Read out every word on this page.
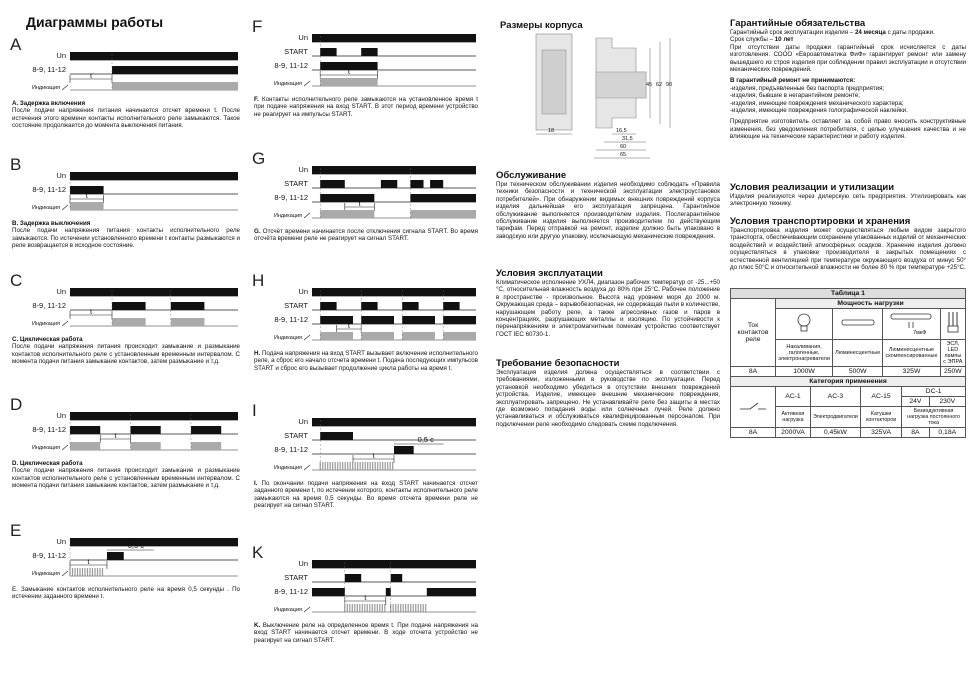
Диаграммы работы
A
Un
8-9, 11-12
t
Индикация

A. Задержка включения
После подачи напряжения питания начинается отсчет времени t. После истечения этого времени контакты исполнительного реле замыкаются. Такое состояние продолжается до момента выключения питания.

B
Un
8-9, 11-12
t
Индикация

B. Задержка выключения
После подачи напряжения питания контакты исполнительного реле замыкаются. По истечении установленного времени t контакты размыкаются и реле возвращается в исходное состояние.

C
Un
8-9, 11-12
t
Индикация

C. Циклическая работа
После подачи напряжения питания происходит замыкание и размыкание контактов исполнительного реле с установленным временным интервалом. С момента подачи питания замыкание контактов, затем размыкание и т.д.

D
Un
8-9, 11-12
t
Индикация

D. Циклическая работа
После подачи напряжения питания происходит замыкание и размыкание контактов исполнительного реле с установленным временным интервалом. С момента подачи питания замыкание контактов, затем размыкание и т.д.

E
Un
8-9, 11-12
t
0,5 с
Индикация

E. Замыкание контактов исполнительного реле на время 0,5 секунды . По истечении заданного времени t.

F
Un
START
8-9, 11-12
t
Индикация

F. Контакты исполнительного реле замыкаются на установленное время t при подаче напряжения на вход START. В этот период времени устройство не реагирует на импульсы START.

G
Un
START
8-9, 11-12
t
Индикация

G. Отсчёт времени начинается после отключения сигнала START. Во время отсчёта времени реле не реагирует на сигнал START.

H
Un
START
8-9, 11-12
t
Индикация

H. Подача напряжения на вход START вызывает включение исполнительного реле, а сброс его начало отсчета времени t. Подача последующих импульсов START и сброс его вызывает продолжение цикла работы на время t.

I
Un
START
8-9, 11-12
t
0,5 с
Индикация

I. По окончании подачи напряжения на вход START начинается отсчет заданного времени t, по истечении которого, контакты исполнительного реле замыкаются на время 0,5 секунды. Во время отсчета времени реле не реагирует на сигнал START.

K
Un
START
8-9, 11-12
t
Индикация

K. Выключение реле на определенное время t. При подаче напряжения на вход START начинается отсчет времени. В ходе отсчета устройство не реагирует на сигнал START.

Размеры корпуса

45 62 90
16,5
31,5
60
65
18

Обслуживание

При техническом обслуживании изделия необходимо соблюдать «Правила техники безопасности и технической эксплуатации электроустановок потребителей». При обнаружении видимых внешних повреждений корпуса изделия дальнейшая его эксплуатация запрещена. Гарантийное обслуживание выполняется производителем изделия. Послегарантийное обслуживание изделия выполняется производителем по действующим тарифам. Перед отправкой на ремонт, изделие должно быть упаковано в заводскую или другую упаковку, исключающую механические повреждения.

Условия эксплуатации

Климатическое исполнение УХЛ4, диапазон рабочих температур от -25...+50 °C, относительная влажность воздуха до 80% при 25°C. Рабочее положение в пространстве - произвольное. Высота над уровнем моря до 2000 м. Окружающая среда – взрывобезопасная, не содержащая пыли в количестве, нарушающем работу реле, а также агрессивных газов и паров в концентрациях, разрушающих металлы и изоляцию. По устойчивости к перенапряжениям и электромагнитным помехам устройство соответствует ГОСТ IEC 60730-1.

Требование безопасности

Эксплуатация изделия должна осуществляться в соответствии с требованиями, изложенными в руководстве по эксплуатации. Перед установкой необходимо убедиться в отсутствии внешних повреждений устройства. Изделие, имеющее внешние механические повреждения, эксплуатировать запрещено. Не устанавливайте реле без защиты в местах где возможно попадания воды или солнечных лучей. Реле должно устанавливаться и обслуживаться квалифицированным персоналом. При подключении реле необходимо следовать схеме подключения.

Гарантийные обязательства

Гарантийный срок эксплуатации изделия – 24 месяца с даты продажи.

Срок службы – 10 лет

При отсутствии даты продажи гарантийный срок исчисляется с даты изготовления. СООО «Евроавтоматика ФиФ» гарантирует ремонт или замену вышедшего из строя изделия при соблюдении правил эксплуатации и отсутствии механических повреждений.

В гарантийный ремонт не принимаются:

-изделия, предъявленные без паспорта предприятия;

-изделия, бывшие в негарантийном ремонте;

-изделия, имеющие повреждения механического характера;

-изделия, имеющие повреждения голографической наклейки.

Предприятие изготовитель оставляет за собой право вносить конструктивные изменения, без уведомления потребителя, с целью улучшения качества и не влияющие на технические характеристики и работу изделия.

Условия реализации и утилизации

Изделия реализуются через дилерскую сеть предприятия. Утилизировать как электронную технику.

Условия транспортировки и хранения

Транспортировка изделия может осуществляться любым видом закрытого транспорта, обеспечивающим сохранение упакованных изделий от механических воздействий и воздействий атмосферных осадков. Хранение изделия должно осуществляться в упаковке производителя в закрытых помещениях с естественной вентиляцией при температуре окружающего воздуха от минус 50° до плюс 50°С и относительной влажности не более 80 % при температуре +25°С.

Таблица 1				
Ток контактов реле	Мощность нагрузки			

7мкФ

	Накаливания, галогенные, электронагреватели	Люминесцентные	Люминесцентные скомпенсированные	ЭСЛ, LED лампы с ЭПРА
8A	1000W	500W	325W	250W
Категория применения					
	AC-1	AC-3	AC-15	DC-1	
				24V	230V
	Активная нагрузка	Электродвигатели	Катушки контакторов	Безиндуктивная нагрузка постоянного тока	
8A	2000VA	0,45kW	325VA	8A	0,18A
